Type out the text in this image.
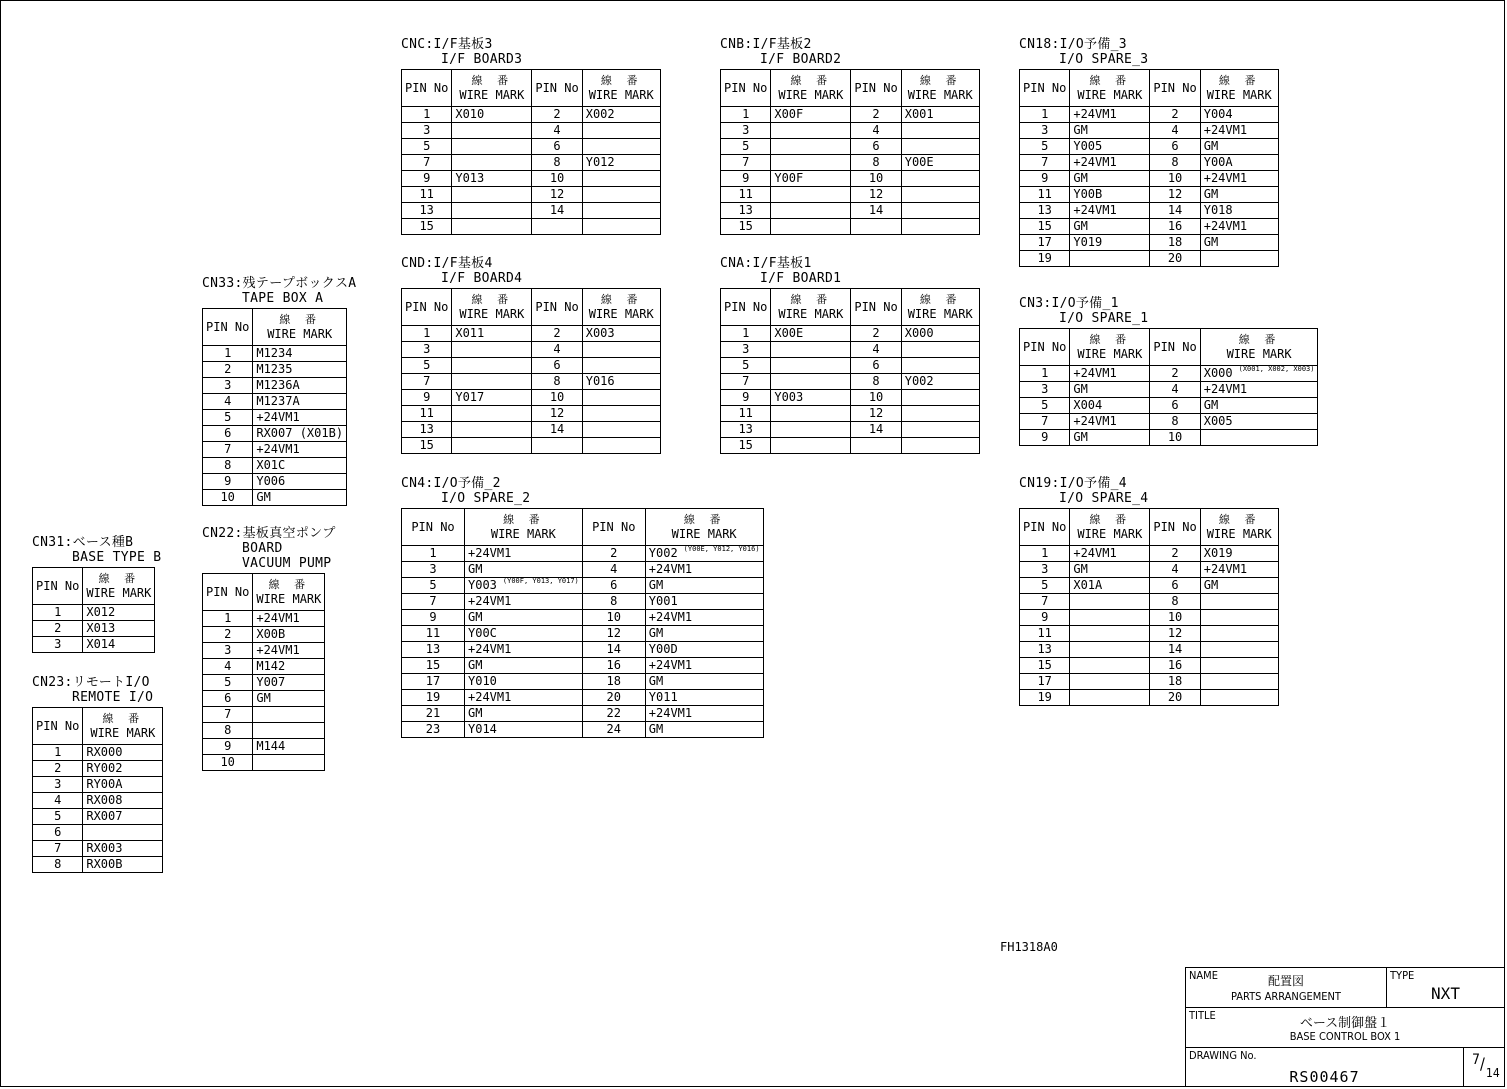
CNC:I/F基板3
I/F BOARD3
PIN No	線 番
WIRE MARK	PIN No	線 番
WIRE MARK
1	X010	2	X002
3		4	
5		6	
7		8	Y012
9	Y013	10	
11		12	
13		14	
15			
CNB:I/F基板2
I/F BOARD2
PIN No	線 番
WIRE MARK	PIN No	線 番
WIRE MARK
1	X00F	2	X001
3		4	
5		6	
7		8	Y00E
9	Y00F	10	
11		12	
13		14	
15			
CN18:I/O予備_3
I/O SPARE_3
PIN No	線 番
WIRE MARK	PIN No	線 番
WIRE MARK
1	+24VM1	2	Y004
3	GM	4	+24VM1
5	Y005	6	GM
7	+24VM1	8	Y00A
9	GM	10	+24VM1
11	Y00B	12	GM
13	+24VM1	14	Y018
15	GM	16	+24VM1
17	Y019	18	GM
19		20	
CND:I/F基板4
I/F BOARD4
PIN No	線 番
WIRE MARK	PIN No	線 番
WIRE MARK
1	X011	2	X003
3		4	
5		6	
7		8	Y016
9	Y017	10	
11		12	
13		14	
15			
CNA:I/F基板1
I/F BOARD1
PIN No	線 番
WIRE MARK	PIN No	線 番
WIRE MARK
1	X00E	2	X000
3		4	
5		6	
7		8	Y002
9	Y003	10	
11		12	
13		14	
15			
CN3:I/O予備_1
I/O SPARE_1
PIN No	線 番
WIRE MARK	PIN No	線 番
WIRE MARK
1	+24VM1	2	X000 (X001, X002, X003)
3	GM	4	+24VM1
5	X004	6	GM
7	+24VM1	8	X005
9	GM	10	
CN4:I/O予備_2
I/O SPARE_2
PIN No	線 番
WIRE MARK	PIN No	線 番
WIRE MARK
1	+24VM1	2	Y002 (Y00E, Y012, Y016)
3	GM	4	+24VM1
5	Y003 (Y00F, Y013, Y017)	6	GM
7	+24VM1	8	Y001
9	GM	10	+24VM1
11	Y00C	12	GM
13	+24VM1	14	Y00D
15	GM	16	+24VM1
17	Y010	18	GM
19	+24VM1	20	Y011
21	GM	22	+24VM1
23	Y014	24	GM
CN19:I/O予備_4
I/O SPARE_4
PIN No	線 番
WIRE MARK	PIN No	線 番
WIRE MARK
1	+24VM1	2	X019
3	GM	4	+24VM1
5	X01A	6	GM
7		8	
9		10	
11		12	
13		14	
15		16	
17		18	
19		20	
CN33:残テープボックスA
TAPE BOX A
PIN No	線 番
WIRE MARK
1	M1234
2	M1235
3	M1236A
4	M1237A
5	+24VM1
6	RX007 (X01B)
7	+24VM1
8	X01C
9	Y006
10	GM
CN22:基板真空ポンプ
BOARD
VACUUM PUMP
PIN No	線 番
WIRE MARK
1	+24VM1
2	X00B
3	+24VM1
4	M142
5	Y007
6	GM
7	
8	
9	M144
10	
CN31:ベース種B
BASE TYPE B
PIN No	線 番
WIRE MARK
1	X012
2	X013
3	X014
CN23:リモートI/O
REMOTE I/O
PIN No	線 番
WIRE MARK
1	RX000
2	RY002
3	RY00A
4	RX008
5	RX007
6	
7	RX003
8	RX00B
FH1318A0
NAME	配置図
PARTS ARRANGEMENT
TYPE
NXT
TITLE
ベース制御盤１
BASE CONTROL BOX 1
DRAWING No.
RS00467
7 / 14
